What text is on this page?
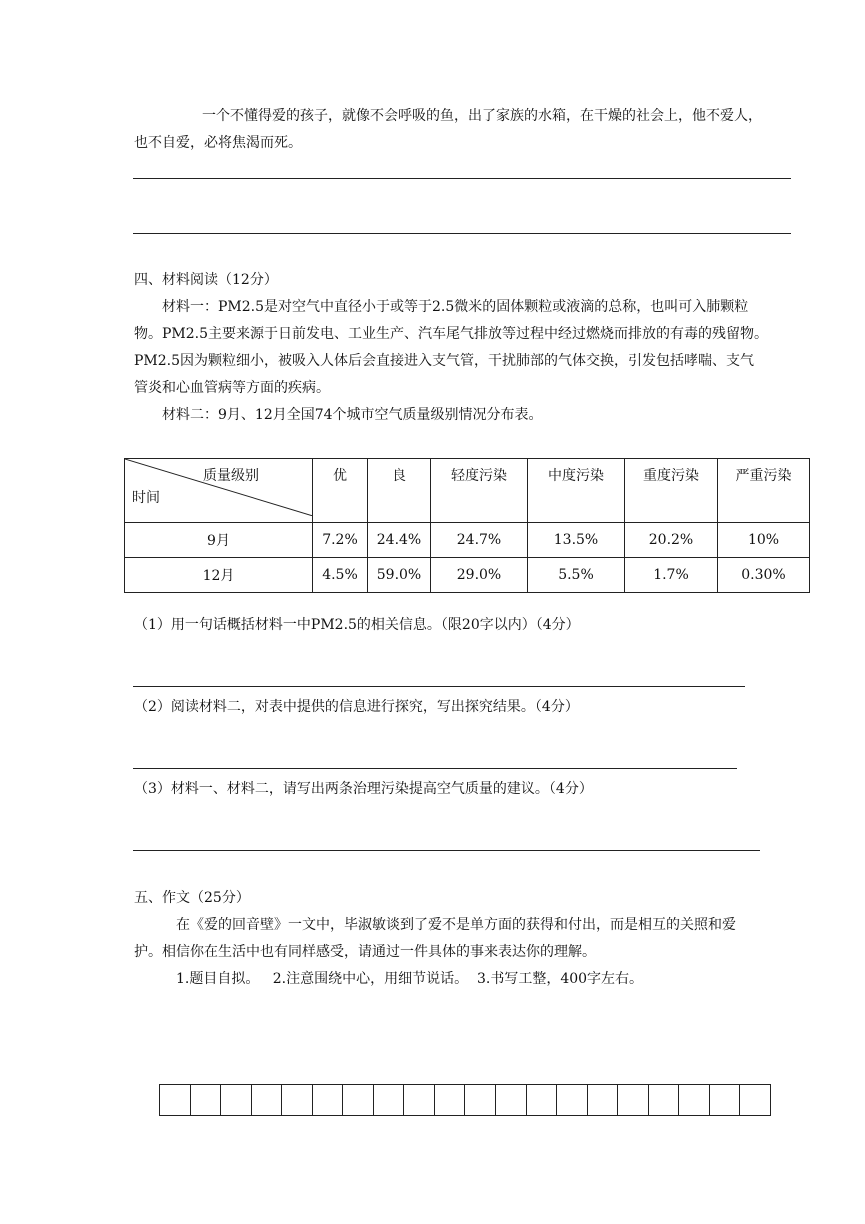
一个不懂得爱的孩子，就像不会呼吸的鱼，出了家族的水箱，在干燥的社会上，他不爱人，

也不自爱，必将焦渴而死。

四、材料阅读（12分）

材料一：PM2.5是对空气中直径小于或等于2.5微米的固体颗粒或液滴的总称，也叫可入肺颗粒

物。PM2.5主要来源于日前发电、工业生产、汽车尾气排放等过程中经过燃烧而排放的有毒的残留物。

PM2.5因为颗粒细小，被吸入人体后会直接进入支气管，干扰肺部的气体交换，引发包括哮喘、支气

管炎和心血管病等方面的疾病。

材料二：9月、12月全国74个城市空气质量级别情况分布表。

质量级别
时间	优	良	轻度污染	中度污染	重度污染	严重污染
9月	7.2%	24.4%	24.7%	13.5%	20.2%	10%
12月	4.5%	59.0%	29.0%	5.5%	1.7%	0.30%

（1）用一句话概括材料一中PM2.5的相关信息。（限20字以内）（4分）

（2）阅读材料二，对表中提供的信息进行探究，写出探究结果。（4分）

（3）材料一、材料二，请写出两条治理污染提高空气质量的建议。（4分）

五、作文（25分）

在《爱的回音壁》一文中，毕淑敏谈到了爱不是单方面的获得和付出，而是相互的关照和爱

护。相信你在生活中也有同样感受，请通过一件具体的事来表达你的理解。

1.题目自拟。   2.注意围绕中心，用细节说话。  3.书写工整，400字左右。
